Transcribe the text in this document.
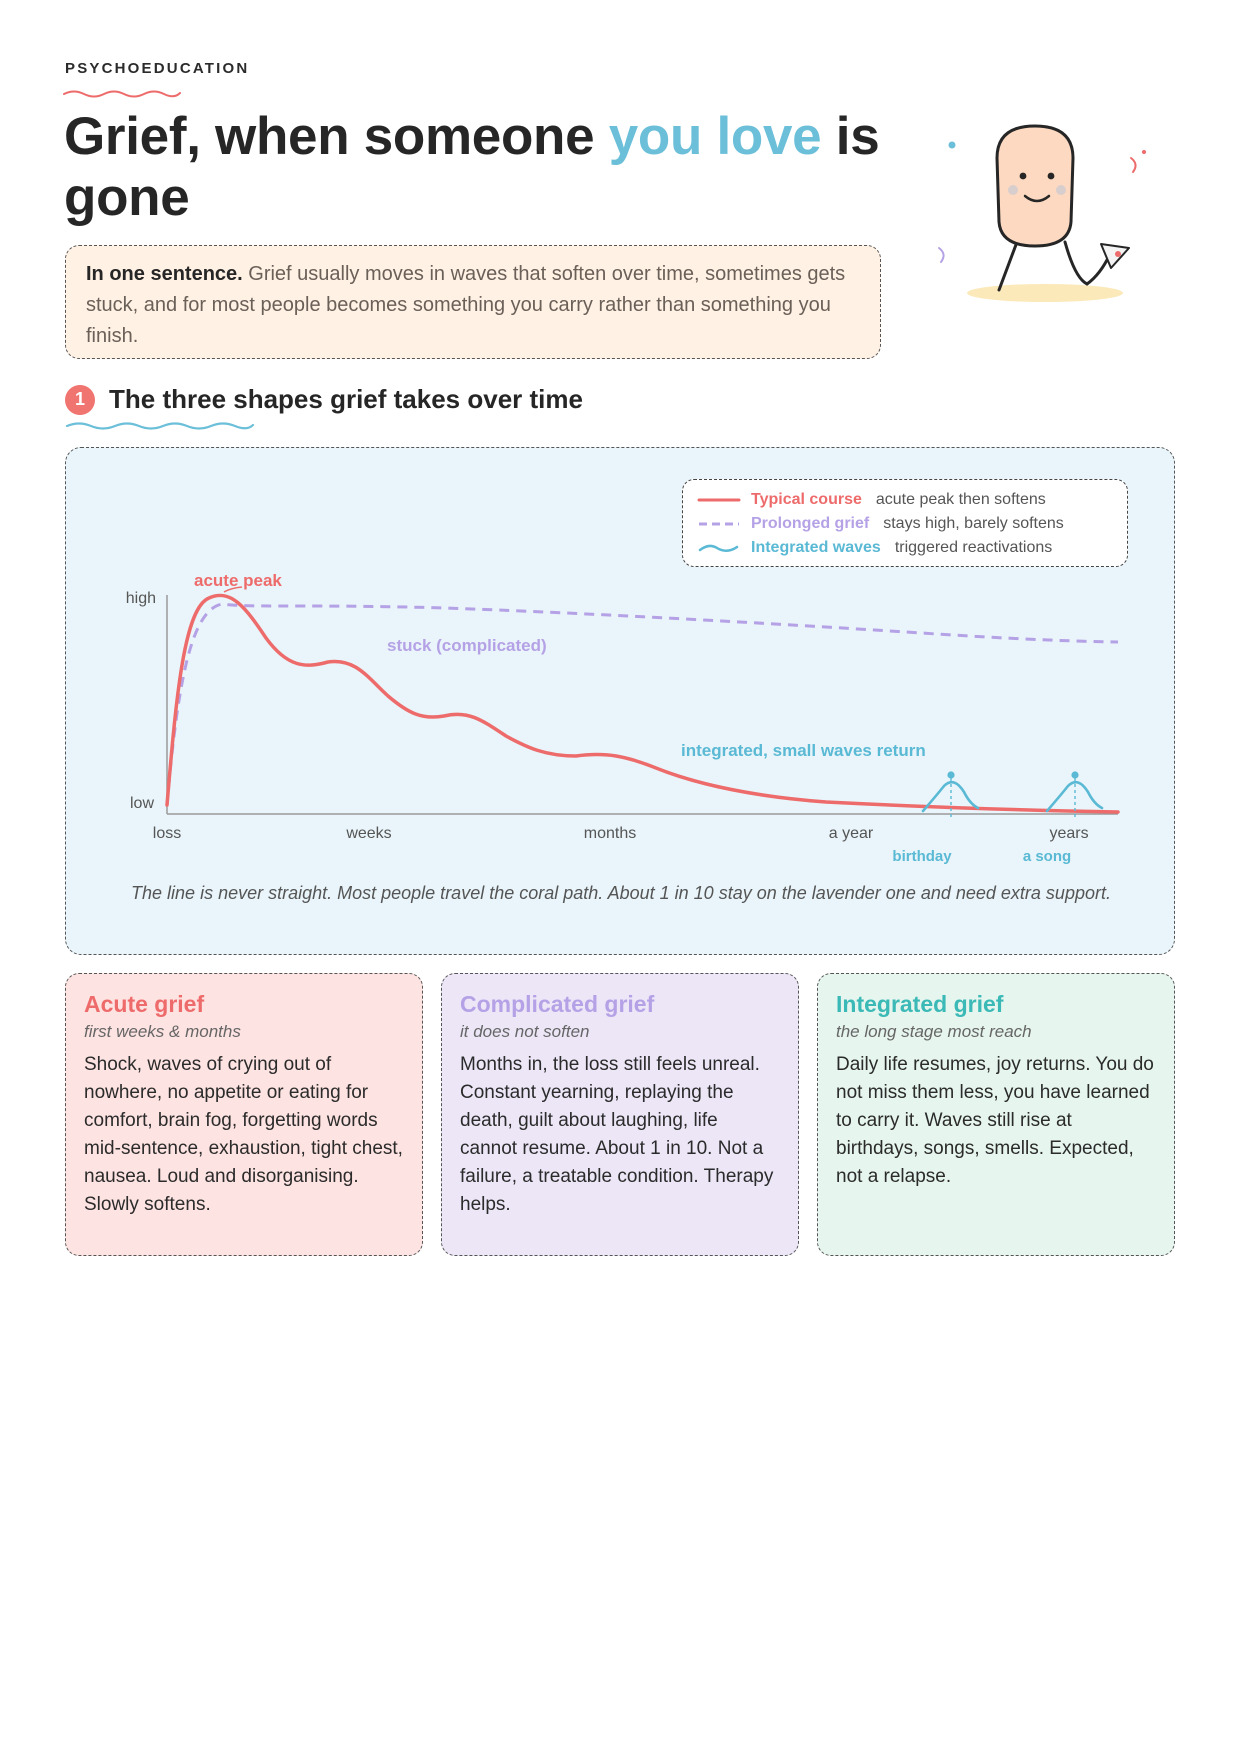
PSYCHOEDUCATION
Grief, when someone you love is gone
In one sentence. Grief usually moves in waves that soften over time, sometimes gets stuck, and for most people becomes something you carry rather than something you finish.
1 The three shapes grief takes over time
high
low
loss	weeks	months	a year	years
acute peak
stuck (complicated)
integrated, small waves return
birthday	a song
Typical course acute peak then softens
Prolonged grief stays high, barely softens
Integrated waves triggered reactivations
The line is never straight. Most people travel the coral path. About 1 in 10 stay on the lavender one and need extra support.
Acute grief
first weeks & months
Shock, waves of crying out of nowhere, no appetite or eating for comfort, brain fog, forgetting words mid-sentence, exhaustion, tight chest, nausea. Loud and disorganising. Slowly softens.
Complicated grief
it does not soften
Months in, the loss still feels unreal. Constant yearning, replaying the death, guilt about laughing, life cannot resume. About 1 in 10. Not a failure, a treatable condition. Therapy helps.
Integrated grief
the long stage most reach
Daily life resumes, joy returns. You do not miss them less, you have learned to carry it. Waves still rise at birthdays, songs, smells. Expected, not a relapse.
